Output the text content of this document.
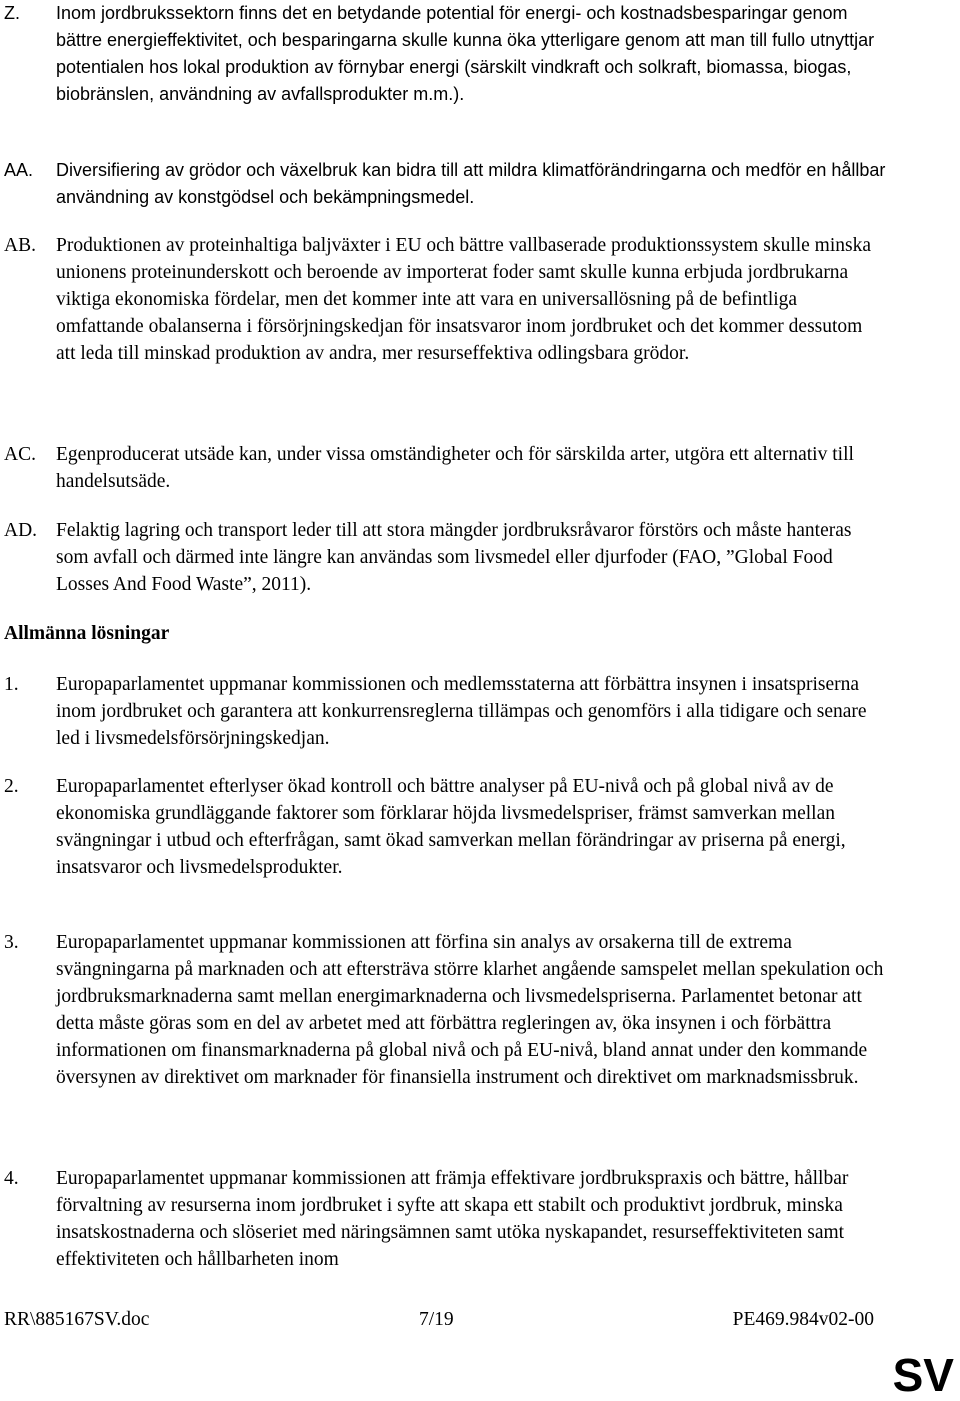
Z. Inom jordbrukssektorn finns det en betydande potential för energi- och kostnadsbesparingar genom bättre energieffektivitet, och besparingarna skulle kunna öka ytterligare genom att man till fullo utnyttjar potentialen hos lokal produktion av förnybar energi (särskilt vindkraft och solkraft, biomassa, biogas, biobränslen, användning av avfallsprodukter m.m.).
AA. Diversifiering av grödor och växelbruk kan bidra till att mildra klimatförändringarna och medför en hållbar användning av konstgödsel och bekämpningsmedel.
AB. Produktionen av proteinhaltiga baljväxter i EU och bättre vallbaserade produktionssystem skulle minska unionens proteinunderskott och beroende av importerat foder samt skulle kunna erbjuda jordbrukarna viktiga ekonomiska fördelar, men det kommer inte att vara en universallösning på de befintliga omfattande obalanserna i försörjningskedjan för insatsvaror inom jordbruket och det kommer dessutom att leda till minskad produktion av andra, mer resurseffektiva odlingsbara grödor.
AC. Egenproducerat utsäde kan, under vissa omständigheter och för särskilda arter, utgöra ett alternativ till handelsutsäde.
AD. Felaktig lagring och transport leder till att stora mängder jordbruksråvaror förstörs och måste hanteras som avfall och därmed inte längre kan användas som livsmedel eller djurfoder (FAO, ”Global Food Losses And Food Waste”, 2011).
Allmänna lösningar
1. Europaparlamentet uppmanar kommissionen och medlemsstaterna att förbättra insynen i insatspriserna inom jordbruket och garantera att konkurrensreglerna tillämpas och genomförs i alla tidigare och senare led i livsmedelsförsörjningskedjan.
2. Europaparlamentet efterlyser ökad kontroll och bättre analyser på EU-nivå och på global nivå av de ekonomiska grundläggande faktorer som förklarar höjda livsmedelspriser, främst samverkan mellan svängningar i utbud och efterfrågan, samt ökad samverkan mellan förändringar av priserna på energi, insatsvaror och livsmedelsprodukter.
3. Europaparlamentet uppmanar kommissionen att förfina sin analys av orsakerna till de extrema svängningarna på marknaden och att eftersträva större klarhet angående samspelet mellan spekulation och jordbruksmarknaderna samt mellan energimarknaderna och livsmedelspriserna. Parlamentet betonar att detta måste göras som en del av arbetet med att förbättra regleringen av, öka insynen i och förbättra informationen om finansmarknaderna på global nivå och på EU-nivå, bland annat under den kommande översynen av direktivet om marknader för finansiella instrument och direktivet om marknadsmissbruk.
4. Europaparlamentet uppmanar kommissionen att främja effektivare jordbrukspraxis och bättre, hållbar förvaltning av resurserna inom jordbruket i syfte att skapa ett stabilt och produktivt jordbruk, minska insatskostnaderna och slöseriet med näringsämnen samt utöka nyskapandet, resurseffektiviteten samt effektiviteten och hållbarheten inom
RR\885167SV.doc	7/19	PE469.984v02-00
SV
